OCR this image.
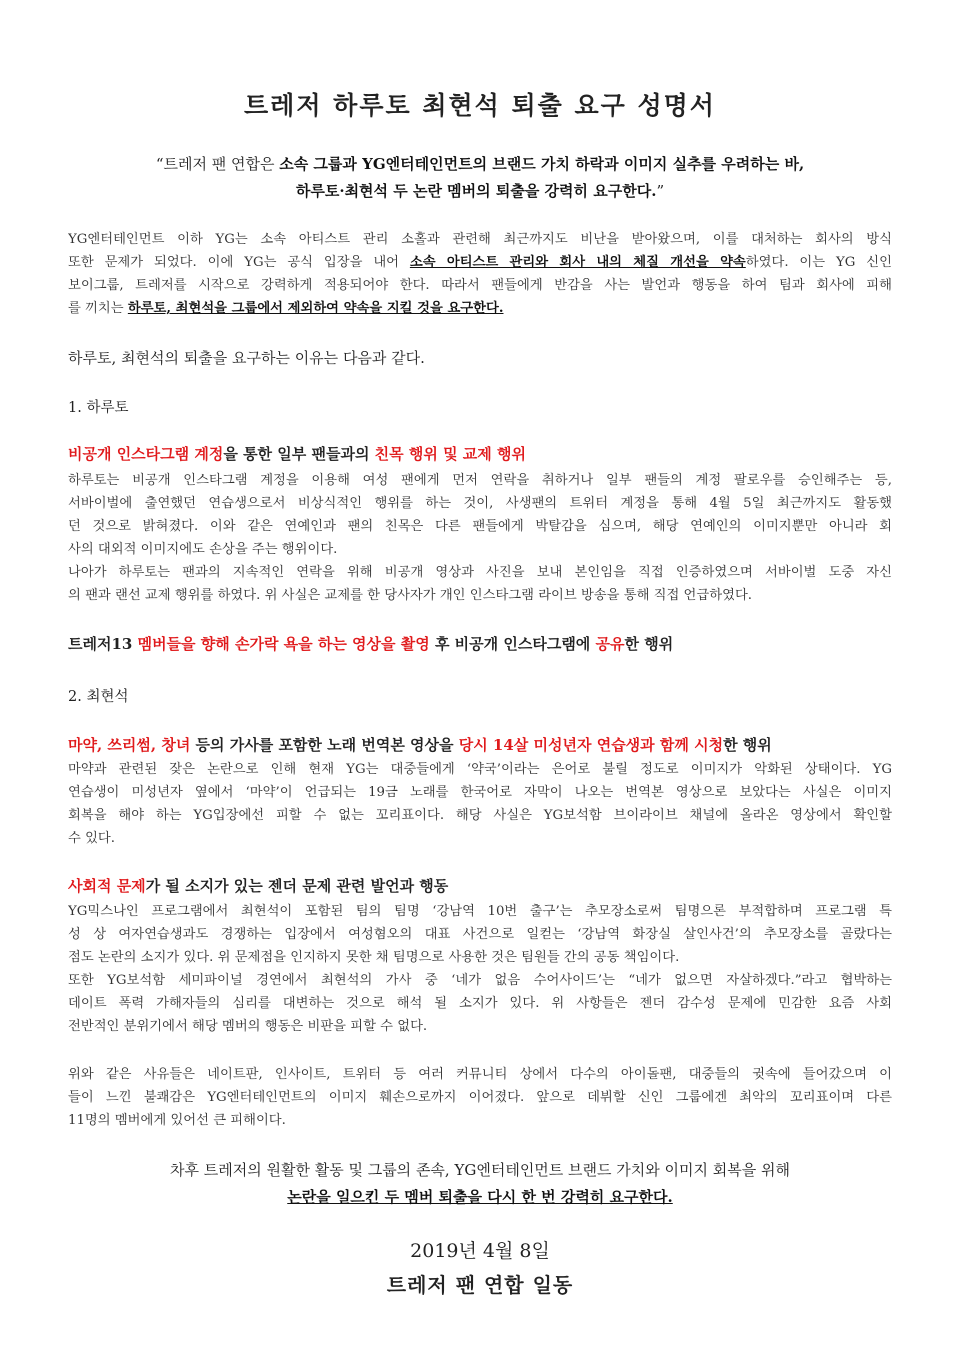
트레저 하루토 최현석 퇴출 요구 성명서
“트레저 팬 연합은 소속 그룹과 YG엔터테인먼트의 브랜드 가치 하락과 이미지 실추를 우려하는 바,
하루토·최현석 두 논란 멤버의 퇴출을 강력히 요구한다.”
YG엔터테인먼트 이하 YG는 소속 아티스트 관리 소홀과 관련해 최근까지도 비난을 받아왔으며, 이를 대처하는 회사의 방식
또한 문제가 되었다. 이에 YG는 공식 입장을 내어 소속 아티스트 관리와 회사 내의 체질 개선을 약속하였다. 이는 YG 신인
보이그룹, 트레저를 시작으로 강력하게 적용되어야 한다. 따라서 팬들에게 반감을 사는 발언과 행동을 하여 팀과 회사에 피해
를 끼치는 하루토, 최현석을 그룹에서 제외하여 약속을 지킬 것을 요구한다.
하루토, 최현석의 퇴출을 요구하는 이유는 다음과 같다.
1. 하루토
비공개 인스타그램 계정을 통한 일부 팬들과의 친목 행위 및 교제 행위
하루토는 비공개 인스타그램 계정을 이용해 여성 팬에게 먼저 연락을 취하거나 일부 팬들의 계정 팔로우를 승인해주는 등,
서바이벌에 출연했던 연습생으로서 비상식적인 행위를 하는 것이, 사생팬의 트위터 계정을 통해 4월 5일 최근까지도 활동했
던 것으로 밝혀졌다. 이와 같은 연예인과 팬의 친목은 다른 팬들에게 박탈감을 심으며, 해당 연예인의 이미지뿐만 아니라 회
사의 대외적 이미지에도 손상을 주는 행위이다.
나아가 하루토는 팬과의 지속적인 연락을 위해 비공개 영상과 사진을 보내 본인임을 직접 인증하였으며 서바이벌 도중 자신
의 팬과 랜선 교제 행위를 하였다. 위 사실은 교제를 한 당사자가 개인 인스타그램 라이브 방송을 통해 직접 언급하였다.
트레저13 멤버들을 향해 손가락 욕을 하는 영상을 촬영 후 비공개 인스타그램에 공유한 행위
2. 최현석
마약, 쓰리썸, 창녀 등의 가사를 포함한 노래 번역본 영상을 당시 14살 미성년자 연습생과 함께 시청한 행위
마약과 관련된 잦은 논란으로 인해 현재 YG는 대중들에게 ‘약국’이라는 은어로 불릴 정도로 이미지가 악화된 상태이다. YG
연습생이 미성년자 옆에서 ‘마약’이 언급되는 19금 노래를 한국어로 자막이 나오는 번역본 영상으로 보았다는 사실은 이미지
회복을 해야 하는 YG입장에선 피할 수 없는 꼬리표이다. 해당 사실은 YG보석함 브이라이브 채널에 올라온 영상에서 확인할
수 있다.
사회적 문제가 될 소지가 있는 젠더 문제 관련 발언과 행동
YG믹스나인 프로그램에서 최현석이 포함된 팀의 팀명 ‘강남역 10번 출구’는 추모장소로써 팀명으론 부적합하며 프로그램 특
성 상 여자연습생과도 경쟁하는 입장에서 여성혐오의 대표 사건으로 일컫는 ‘강남역 화장실 살인사건’의 추모장소를 골랐다는
점도 논란의 소지가 있다. 위 문제점을 인지하지 못한 채 팀명으로 사용한 것은 팀원들 간의 공동 책임이다.
또한 YG보석함 세미파이널 경연에서 최현석의 가사 중 ‘네가 없음 수어사이드’는 “네가 없으면 자살하겠다.”라고 협박하는
데이트 폭력 가해자들의 심리를 대변하는 것으로 해석 될 소지가 있다. 위 사항들은 젠더 감수성 문제에 민감한 요즘 사회
전반적인 분위기에서 해당 멤버의 행동은 비판을 피할 수 없다.
위와 같은 사유들은 네이트판, 인사이트, 트위터 등 여러 커뮤니티 상에서 다수의 아이돌팬, 대중들의 귓속에 들어갔으며 이
들이 느낀 불쾌감은 YG엔터테인먼트의 이미지 훼손으로까지 이어졌다. 앞으로 데뷔할 신인 그룹에겐 최악의 꼬리표이며 다른
11명의 멤버에게 있어선 큰 피해이다.
차후 트레저의 원활한 활동 및 그룹의 존속, YG엔터테인먼트 브랜드 가치와 이미지 회복을 위해
논란을 일으킨 두 멤버 퇴출을 다시 한 번 강력히 요구한다.
2019년 4월 8일
트레저 팬 연합 일동
